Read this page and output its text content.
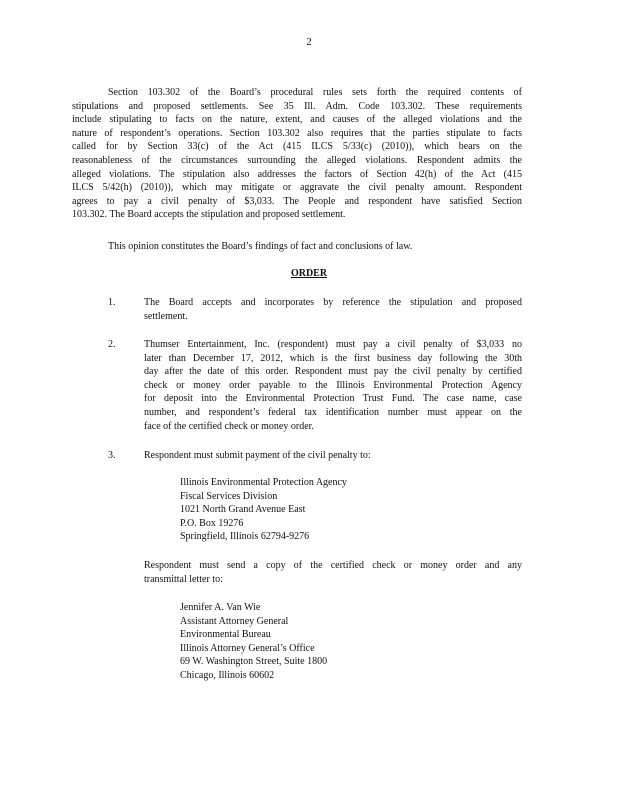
2
Section 103.302 of the Board’s procedural rules sets forth the required contents of
stipulations and proposed settlements. See 35 Ill. Adm. Code 103.302. These requirements
include stipulating to facts on the nature, extent, and causes of the alleged violations and the
nature of respondent’s operations. Section 103.302 also requires that the parties stipulate to facts
called for by Section 33(c) of the Act (415 ILCS 5/33(c) (2010)), which bears on the
reasonableness of the circumstances surrounding the alleged violations. Respondent admits the
alleged violations. The stipulation also addresses the factors of Section 42(h) of the Act (415
ILCS 5/42(h) (2010)), which may mitigate or aggravate the civil penalty amount. Respondent
agrees to pay a civil penalty of $3,033. The People and respondent have satisfied Section
103.302. The Board accepts the stipulation and proposed settlement.
This opinion constitutes the Board’s findings of fact and conclusions of law.
ORDER
1.	The Board accepts and incorporates by reference the stipulation and proposed
settlement.
2.	Thumser Entertainment, Inc. (respondent) must pay a civil penalty of $3,033 no
later than December 17, 2012, which is the first business day following the 30th
day after the date of this order. Respondent must pay the civil penalty by certified
check or money order payable to the Illinois Environmental Protection Agency
for deposit into the Environmental Protection Trust Fund. The case name, case
number, and respondent’s federal tax identification number must appear on the
face of the certified check or money order.
3.	Respondent must submit payment of the civil penalty to:
Illinois Environmental Protection Agency
Fiscal Services Division
1021 North Grand Avenue East
P.O. Box 19276
Springfield, Illinois 62794-9276
Respondent must send a copy of the certified check or money order and any
transmittal letter to:
Jennifer A. Van Wie
Assistant Attorney General
Environmental Bureau
Illinois Attorney General’s Office
69 W. Washington Street, Suite 1800
Chicago, Illinois 60602
